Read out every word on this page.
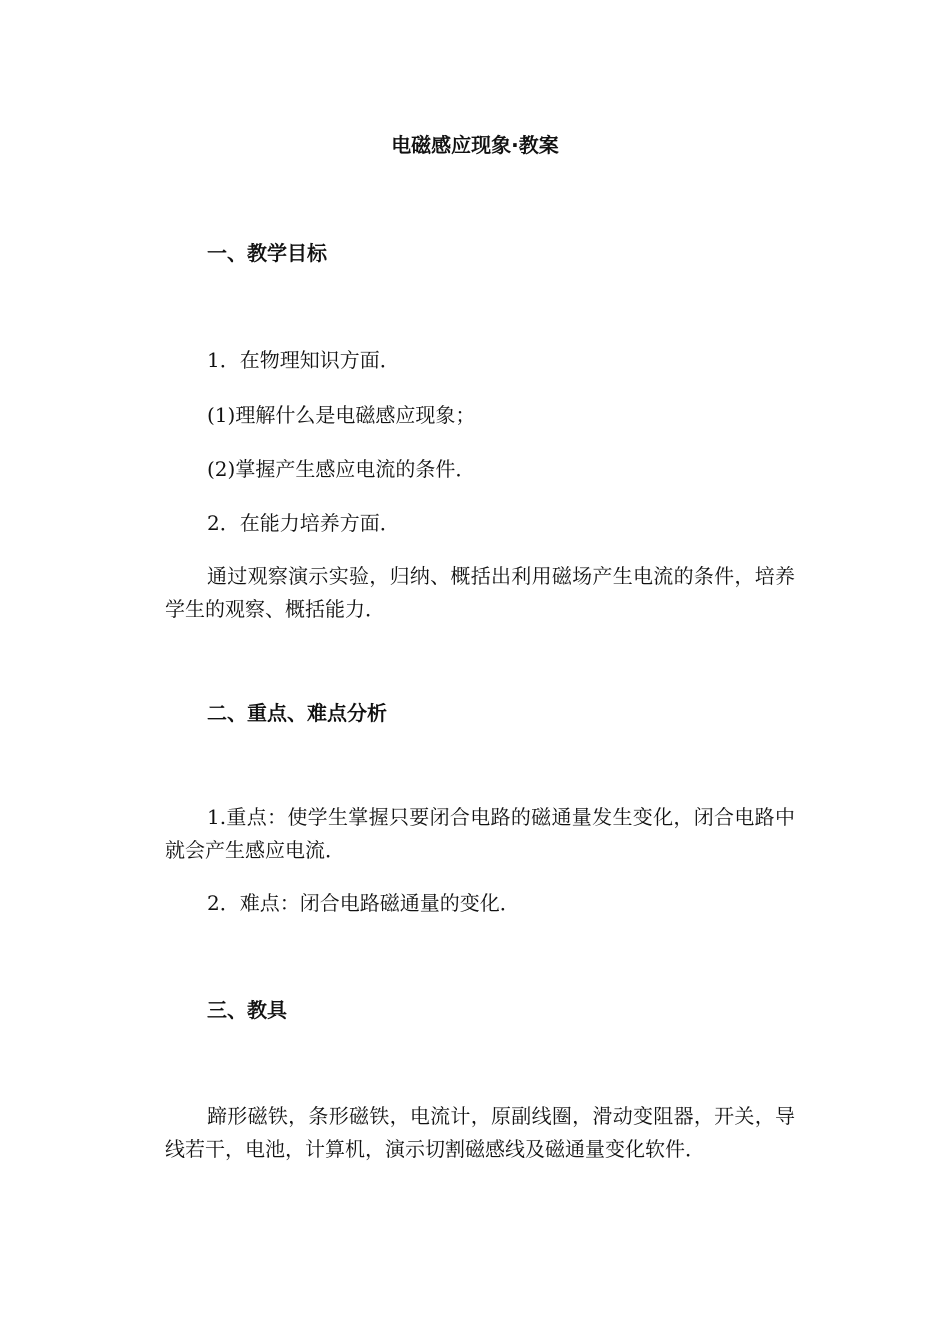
电磁感应现象·教案
一、教学目标

1．在物理知识方面．

(1)理解什么是电磁感应现象；

(2)掌握产生感应电流的条件．

2．在能力培养方面．

通过观察演示实验，归纳、概括出利用磁场产生电流的条件，培养学生的观察、概括能力．

二、重点、难点分析

1.重点：使学生掌握只要闭合电路的磁通量发生变化，闭合电路中就会产生感应电流．

2．难点：闭合电路磁通量的变化．

三、教具

蹄形磁铁，条形磁铁，电流计，原副线圈，滑动变阻器，开关，导线若干，电池，计算机，演示切割磁感线及磁通量变化软件．
